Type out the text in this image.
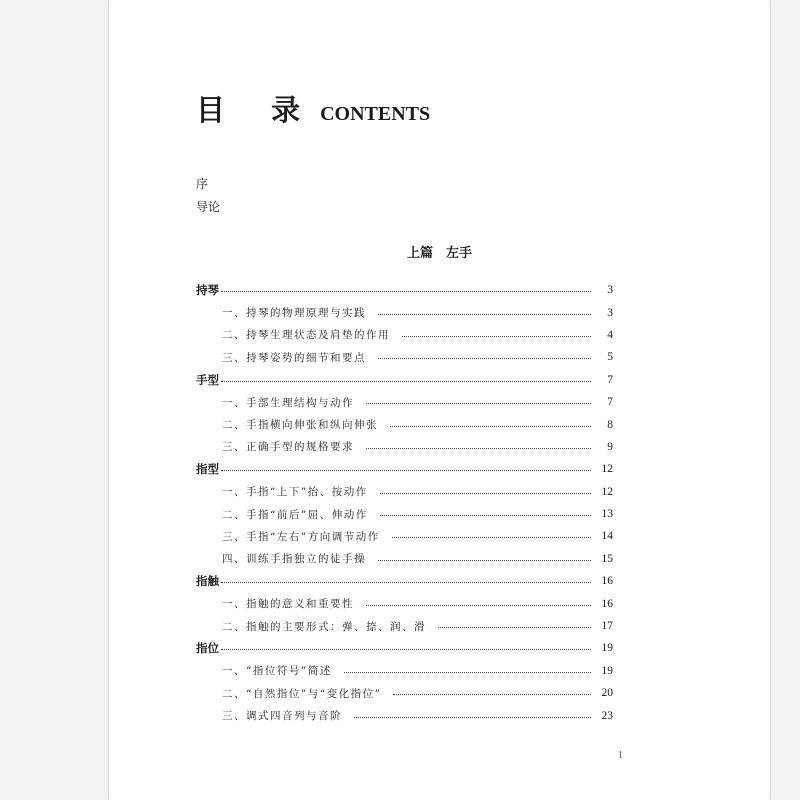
目 录 CONTENTS
序
导论
上篇　左手
持琴	3
一、持琴的物理原理与实践	3
二、持琴生理状态及肩垫的作用	4
三、持琴姿势的细节和要点	5
手型	7
一、手部生理结构与动作	7
二、手指横向伸张和纵向伸张	8
三、正确手型的规格要求	9
指型	12
一、手指“上下”抬、按动作	12
二、手指“前后”屈、伸动作	13
三、手指“左右”方向调节动作	14
四、训练手指独立的徒手操	15
指触	16
一、指触的意义和重要性	16
二、指触的主要形式：弹、捺、润、滑	17
指位	19
一、“指位符号”简述	19
二、“自然指位”与“变化指位”	20
三、调式四音列与音阶	23
1
